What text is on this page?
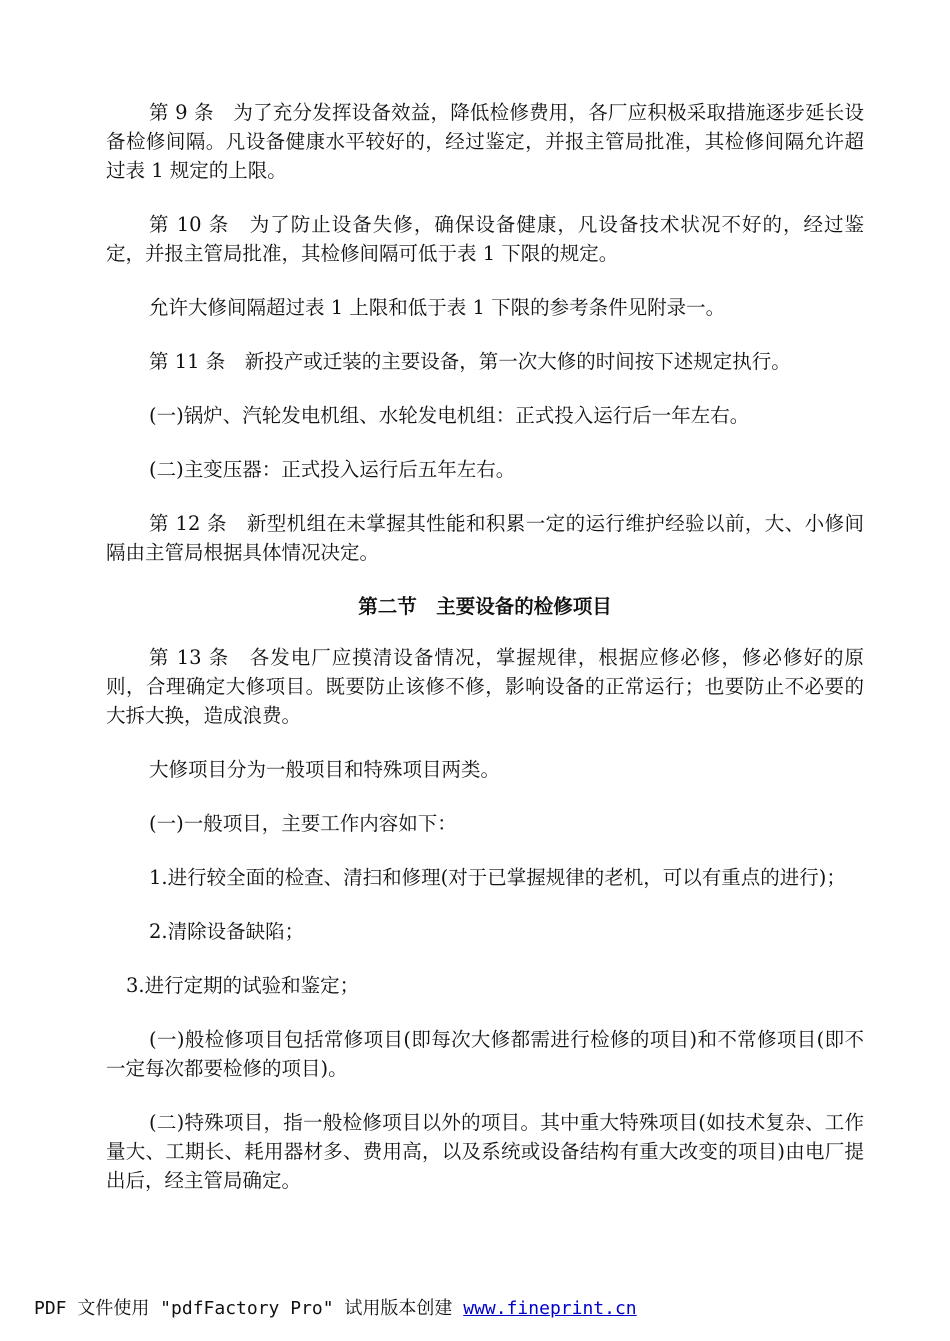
第 9 条　为了充分发挥设备效益，降低检修费用，各厂应积极采取措施逐步延长设备检修间隔。凡设备健康水平较好的，经过鉴定，并报主管局批准，其检修间隔允许超过表 1 规定的上限。

第 10 条　为了防止设备失修，确保设备健康，凡设备技术状况不好的，经过鉴定，并报主管局批准，其检修间隔可低于表 1 下限的规定。

允许大修间隔超过表 1 上限和低于表 1 下限的参考条件见附录一。

第 11 条　新投产或迁装的主要设备，第一次大修的时间按下述规定执行。

(一)锅炉、汽轮发电机组、水轮发电机组：正式投入运行后一年左右。

(二)主变压器：正式投入运行后五年左右。

第 12 条　新型机组在未掌握其性能和积累一定的运行维护经验以前，大、小修间隔由主管局根据具体情况决定。

第二节　主要设备的检修项目

第 13 条　各发电厂应摸清设备情况，掌握规律，根据应修必修，修必修好的原则，合理确定大修项目。既要防止该修不修，影响设备的正常运行；也要防止不必要的大拆大换，造成浪费。

大修项目分为一般项目和特殊项目两类。

(一)一般项目，主要工作内容如下：

1.进行较全面的检查、清扫和修理(对于已掌握规律的老机，可以有重点的进行)；

2.清除设备缺陷；

3.进行定期的试验和鉴定；

(一)般检修项目包括常修项目(即每次大修都需进行检修的项目)和不常修项目(即不一定每次都要检修的项目)。

(二)特殊项目，指一般检修项目以外的项目。其中重大特殊项目(如技术复杂、工作量大、工期长、耗用器材多、费用高，以及系统或设备结构有重大改变的项目)由电厂提出后，经主管局确定。

PDF 文件使用 "pdfFactory Pro" 试用版本创建 www.fineprint.cn
